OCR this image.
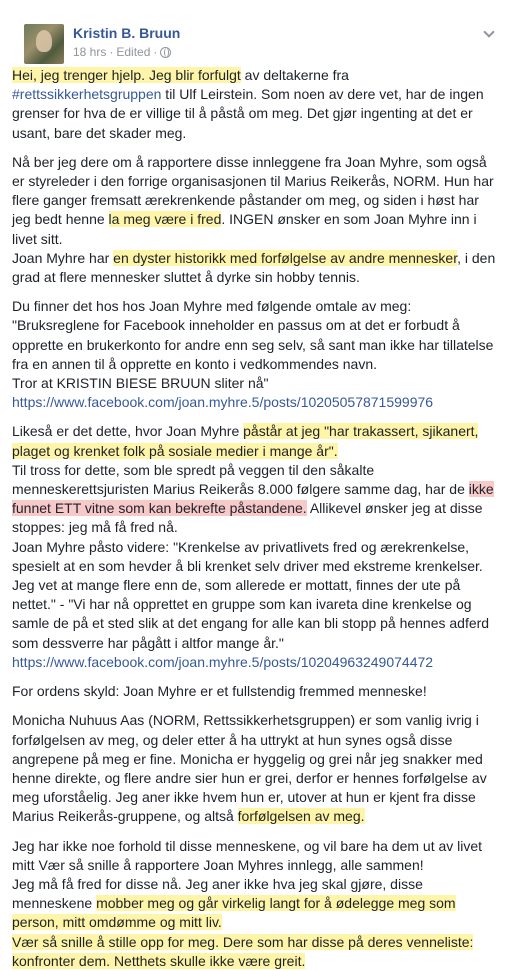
Kristin B. Bruun
18 hrs · Edited ·

Hei, jeg trenger hjelp. Jeg blir forfulgt av deltakerne fra #rettssikkerhetsgruppen til Ulf Leirstein. Som noen av dere vet, har de ingen grenser for hva de er villige til å påstå om meg. Det gjør ingenting at det er usant, bare det skader meg.

Nå ber jeg dere om å rapportere disse innleggene fra Joan Myhre, som også er styreleder i den forrige organisasjonen til Marius Reikerås, NORM. Hun har flere ganger fremsatt ærekrenkende påstander om meg, og siden i høst har jeg bedt henne la meg være i fred. INGEN ønsker en som Joan Myhre inn i livet sitt.
Joan Myhre har en dyster historikk med forfølgelse av andre mennesker, i den grad at flere mennesker sluttet å dyrke sin hobby tennis.

Du finner det hos hos Joan Myhre med følgende omtale av meg:
"Bruksreglene for Facebook inneholder en passus om at det er forbudt å opprette en brukerkonto for andre enn seg selv, så sant man ikke har tillatelse fra en annen til å opprette en konto i vedkommendes navn.
Tror at KRISTIN BIESE BRUUN sliter nå"
https://www.facebook.com/joan.myhre.5/posts/10205057871599976

Likeså er det dette, hvor Joan Myhre påstår at jeg "har trakassert, sjikanert, plaget og krenket folk på sosiale medier i mange år".
Til tross for dette, som ble spredt på veggen til den såkalte menneskerettsjuristen Marius Reikerås 8.000 følgere samme dag, har de ikke funnet ETT vitne som kan bekrefte påstandene. Allikevel ønsker jeg at disse stoppes: jeg må få fred nå.
Joan Myhre påsto videre: "Krenkelse av privatlivets fred og ærekrenkelse, spesielt at en som hevder å bli krenket selv driver med ekstreme krenkelser. Jeg vet at mange flere enn de, som allerede er mottatt, finnes der ute på nettet." - "Vi har nå opprettet en gruppe som kan ivareta dine krenkelse og samle de på et sted slik at det engang for alle kan bli stopp på hennes adferd som dessverre har pågått i altfor mange år."
https://www.facebook.com/joan.myhre.5/posts/10204963249074472

For ordens skyld: Joan Myhre er et fullstendig fremmed menneske!

Monicha Nuhuus Aas (NORM, Rettssikkerhetsgruppen) er som vanlig ivrig i forfølgelsen av meg, og deler etter å ha uttrykt at hun synes også disse angrepene på meg er fine. Monicha er hyggelig og grei når jeg snakker med henne direkte, og flere andre sier hun er grei, derfor er hennes forfølgelse av meg uforståelig. Jeg aner ikke hvem hun er, utover at hun er kjent fra disse Marius Reikerås-gruppene, og altså forfølgelsen av meg.

Jeg har ikke noe forhold til disse menneskene, og vil bare ha dem ut av livet mitt Vær så snille å rapportere Joan Myhres innlegg, alle sammen!
Jeg må få fred for disse nå. Jeg aner ikke hva jeg skal gjøre, disse menneskene mobber meg og går virkelig langt for å ødelegge meg som person, mitt omdømme og mitt liv.
Vær så snille å stille opp for meg. Dere som har disse på deres venneliste: konfronter dem. Netthets skulle ikke være greit.
